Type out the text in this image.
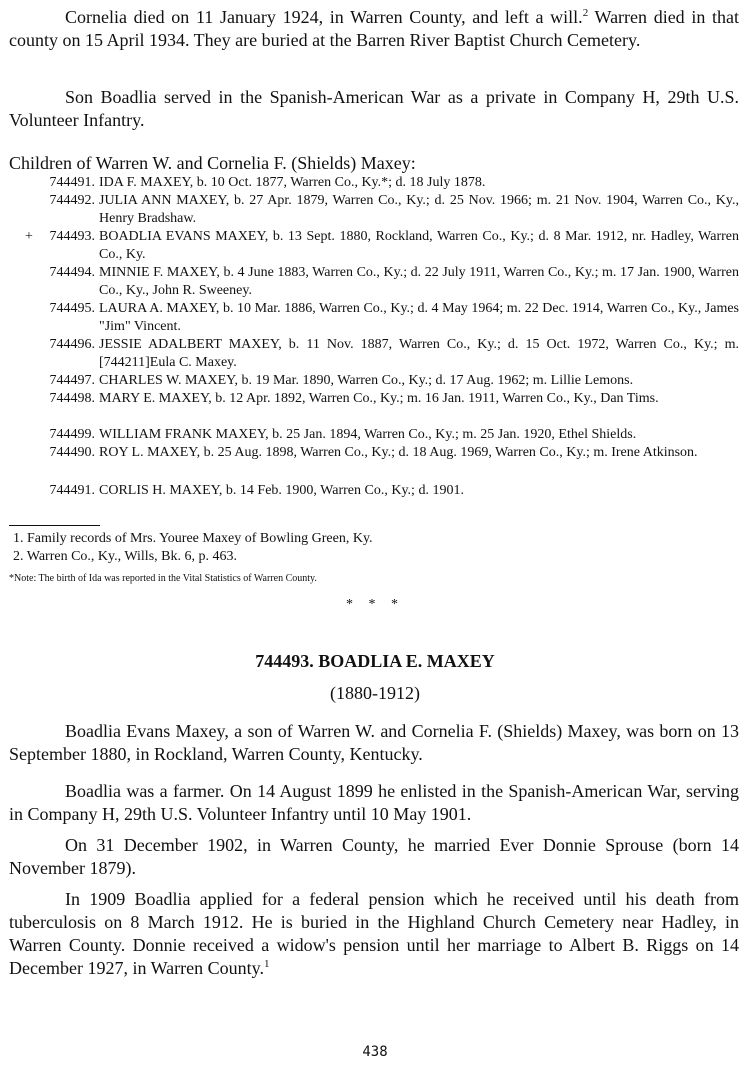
Cornelia died on 11 January 1924, in Warren County, and left a will.$^2$ Warren died in that county on 15 April 1934. They are buried at the Barren River Baptist Church Cemetery.

Son Boadlia served in the Spanish-American War as a private in Company H, 29th U.S. Volunteer Infantry.

Children of Warren W. and Cornelia F. (Shields) Maxey:
744491. IDA F. MAXEY, b. 10 Oct. 1877, Warren Co., Ky.*; d. 18 July 1878.
744492. JULIA ANN MAXEY, b. 27 Apr. 1879, Warren Co., Ky.; d. 25 Nov. 1966; m. 21 Nov. 1904, Warren Co., Ky., Henry Bradshaw.
+	744493. BOADLIA EVANS MAXEY, b. 13 Sept. 1880, Rockland, Warren Co., Ky.; d. 8 Mar. 1912, nr. Hadley, Warren Co., Ky.
744494. MINNIE F. MAXEY, b. 4 June 1883, Warren Co., Ky.; d. 22 July 1911, Warren Co., Ky.; m. 17 Jan. 1900, Warren Co., Ky., John R. Sweeney.
744495. LAURA A. MAXEY, b. 10 Mar. 1886, Warren Co., Ky.; d. 4 May 1964; m. 22 Dec. 1914, Warren Co., Ky., James "Jim" Vincent.
744496. JESSIE ADALBERT MAXEY, b. 11 Nov. 1887, Warren Co., Ky.; d. 15 Oct. 1972, Warren Co., Ky.; m. [744211]Eula C. Maxey.
744497. CHARLES W. MAXEY, b. 19 Mar. 1890, Warren Co., Ky.; d. 17 Aug. 1962; m. Lillie Lemons.
744498. MARY E. MAXEY, b. 12 Apr. 1892, Warren Co., Ky.; m. 16 Jan. 1911, Warren Co., Ky., Dan Tims.
744499. WILLIAM FRANK MAXEY, b. 25 Jan. 1894, Warren Co., Ky.; m. 25 Jan. 1920, Ethel Shields.
744490. ROY L. MAXEY, b. 25 Aug. 1898, Warren Co., Ky.; d. 18 Aug. 1969, Warren Co., Ky.; m. Irene Atkinson.
744491. CORLIS H. MAXEY, b. 14 Feb. 1900, Warren Co., Ky.; d. 1901.
1. Family records of Mrs. Youree Maxey of Bowling Green, Ky.
2. Warren Co., Ky., Wills, Bk. 6, p. 463.
*Note: The birth of Ida was reported in the Vital Statistics of Warren County.
* * *
744493. BOADLIA E. MAXEY
(1880-1912)

Boadlia Evans Maxey, a son of Warren W. and Cornelia F. (Shields) Maxey, was born on 13 September 1880, in Rockland, Warren County, Kentucky.

Boadlia was a farmer. On 14 August 1899 he enlisted in the Spanish-American War, serving in Company H, 29th U.S. Volunteer Infantry until 10 May 1901.

On 31 December 1902, in Warren County, he married Ever Donnie Sprouse (born 14 November 1879).

In 1909 Boadlia applied for a federal pension which he received until his death from tuberculosis on 8 March 1912. He is buried in the Highland Church Cemetery near Hadley, in Warren County. Donnie received a widow's pension until her marriage to Albert B. Riggs on 14 December 1927, in Warren County.$^1$

438
